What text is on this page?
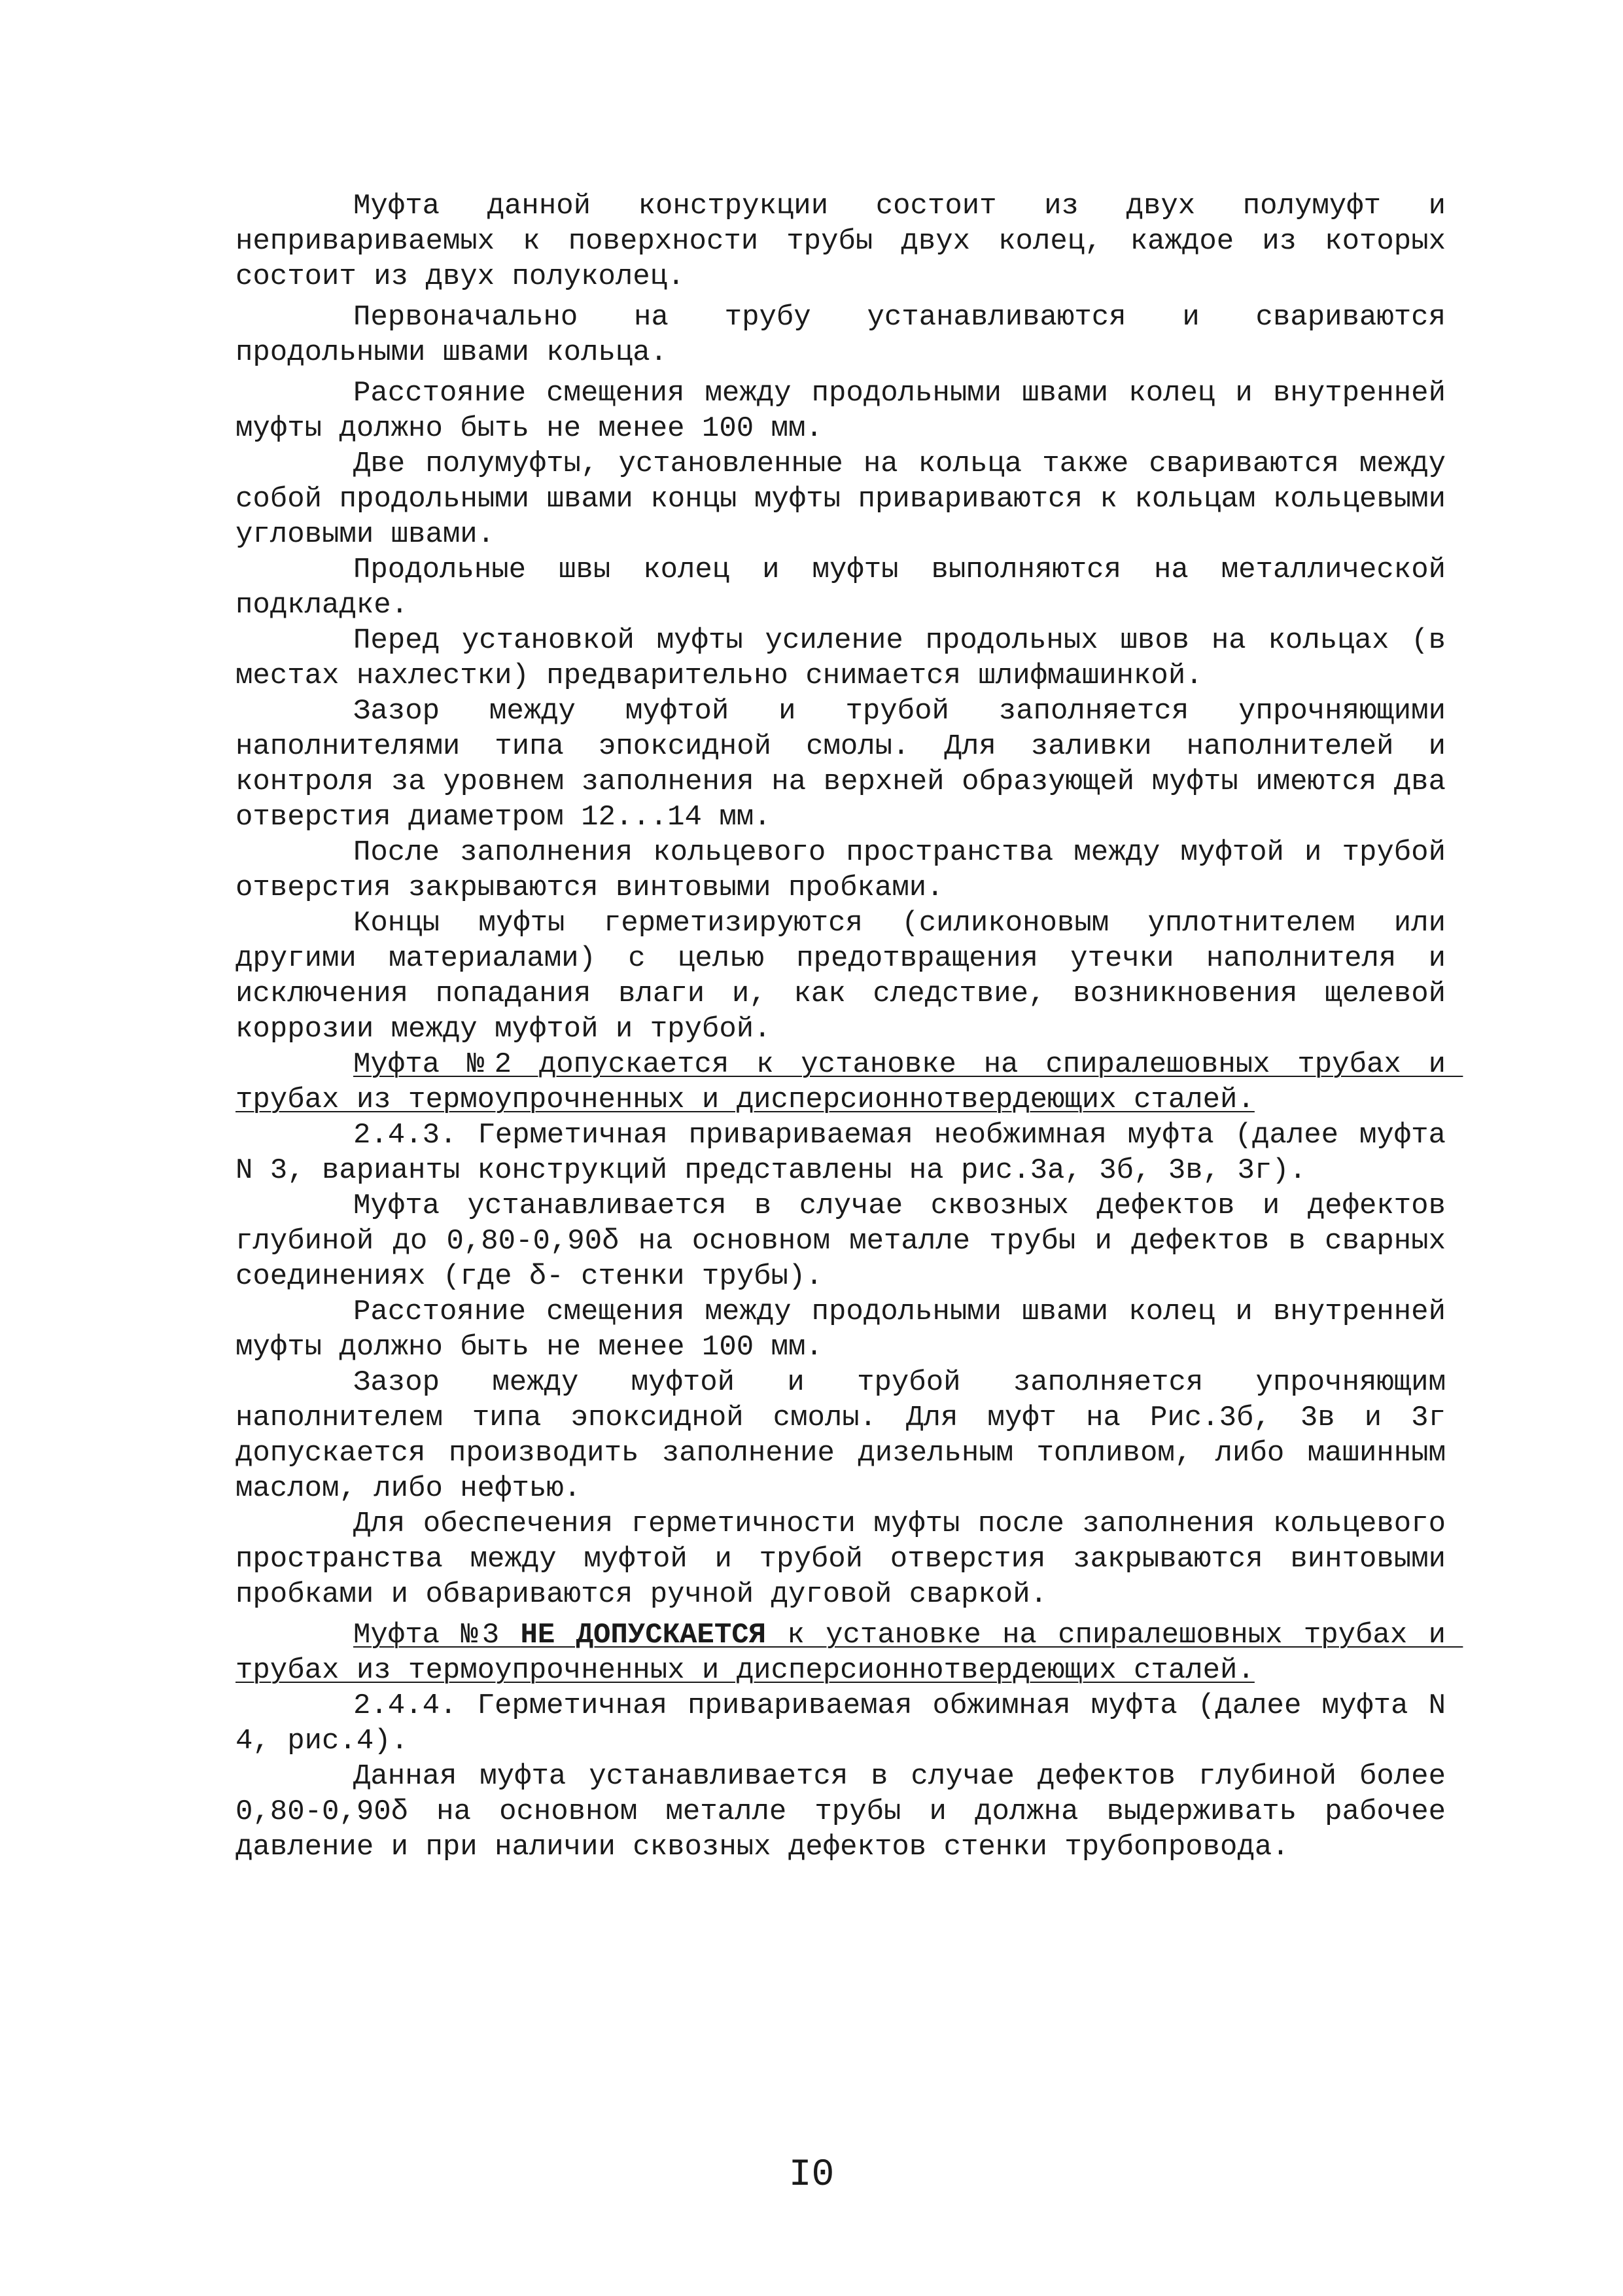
Муфта данной конструкции состоит из двух полумуфт и непривариваемых к поверхности трубы двух колец, каждое из которых состоит из двух полуколец.

Первоначально на трубу устанавливаются и свариваются продольными швами кольца.

Расстояние смещения между продольными швами колец и внутренней муфты должно быть не менее 100 мм.

Две полумуфты, установленные на кольца также свариваются между собой продольными швами концы муфты привариваются к кольцам кольцевыми угловыми швами.

Продольные швы колец и муфты выполняются на металлической подкладке.

Перед установкой муфты усиление продольных швов на кольцах (в местах нахлестки) предварительно снимается шлифмашинкой.

Зазор между муфтой и трубой заполняется упрочняющими наполнителями типа эпоксидной смолы. Для заливки наполнителей и контроля за уровнем заполнения на верхней образующей муфты имеются два отверстия диаметром 12...14 мм.

После заполнения кольцевого пространства между муфтой и трубой отверстия закрываются винтовыми пробками.

Концы муфты герметизируются (силиконовым уплотнителем или другими материалами) с целью предотвращения утечки наполнителя и исключения попадания влаги и, как следствие, возникновения щелевой коррозии между муфтой и трубой.

Муфта №2 допускается к установке на спиралешовных трубах и трубах из термоупрочненных и дисперсионнотвердеющих сталей.

2.4.3. Герметичная привариваемая необжимная муфта (далее муфта N 3, варианты конструкций представлены на рис.3а, 3б, 3в, 3г).

Муфта устанавливается в случае сквозных дефектов и дефектов глубиной до 0,80-0,90δ на основном металле трубы и дефектов в сварных соединениях (где δ- стенки трубы).

Расстояние смещения между продольными швами колец и внутренней муфты должно быть не менее 100 мм.

Зазор между муфтой и трубой заполняется упрочняющим наполнителем типа эпоксидной смолы. Для муфт на Рис.3б, 3в и 3г допускается производить заполнение дизельным топливом, либо машинным маслом, либо нефтью.

Для обеспечения герметичности муфты после заполнения кольцевого пространства между муфтой и трубой отверстия закрываются винтовыми пробками и обвариваются ручной дуговой сваркой.

Муфта №3 НЕ ДОПУСКАЕТСЯ к установке на спиралешовных трубах и трубах из термоупрочненных и дисперсионнотвердеющих сталей.

2.4.4. Герметичная привариваемая обжимная муфта (далее муфта N 4, рис.4).

Данная муфта устанавливается в случае дефектов глубиной более 0,80-0,90δ на основном металле трубы и должна выдерживать рабочее давление и при наличии сквозных дефектов стенки трубопровода.

I0
